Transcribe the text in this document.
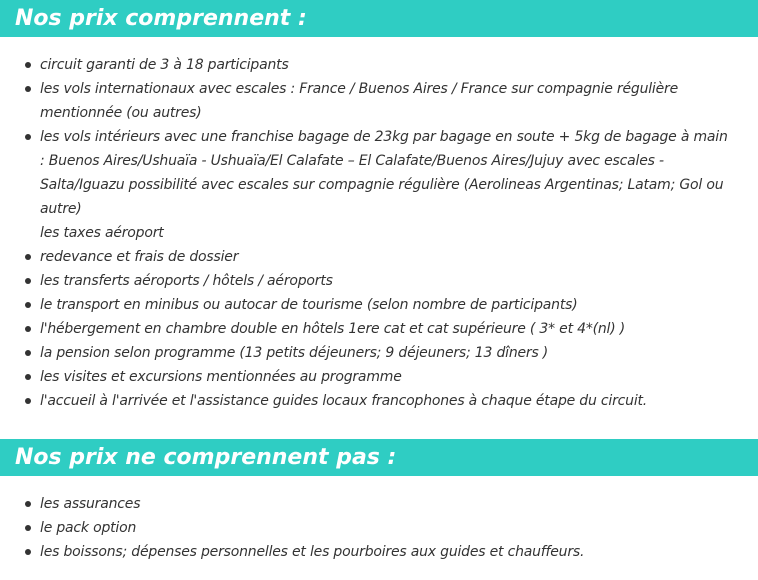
Nos prix comprennent :
circuit garanti de 3 à 18 participants
les vols internationaux avec escales : France / Buenos Aires / France sur compagnie régulière mentionnée (ou autres)
les vols intérieurs avec une franchise bagage de 23kg par bagage en soute + 5kg de bagage à main : Buenos Aires/Ushuaïa - Ushuaïa/El Calafate – El Calafate/Buenos Aires/Jujuy avec escales - Salta/Iguazu possibilité avec escales sur compagnie régulière (Aerolineas Argentinas; Latam; Gol ou autre)
les taxes aéroport
redevance et frais de dossier
les transferts aéroports / hôtels / aéroports
le transport en minibus ou autocar de tourisme (selon nombre de participants)
l'hébergement en chambre double en hôtels 1ere cat et cat supérieure ( 3* et 4*(nl) )
la pension selon programme (13 petits déjeuners; 9 déjeuners; 13 dîners )
les visites et excursions mentionnées au programme
l'accueil à l'arrivée et l'assistance guides locaux francophones à chaque étape du circuit.
Nos prix ne comprennent pas :
les assurances
le pack option
les boissons; dépenses personnelles et les pourboires aux guides et chauffeurs.
